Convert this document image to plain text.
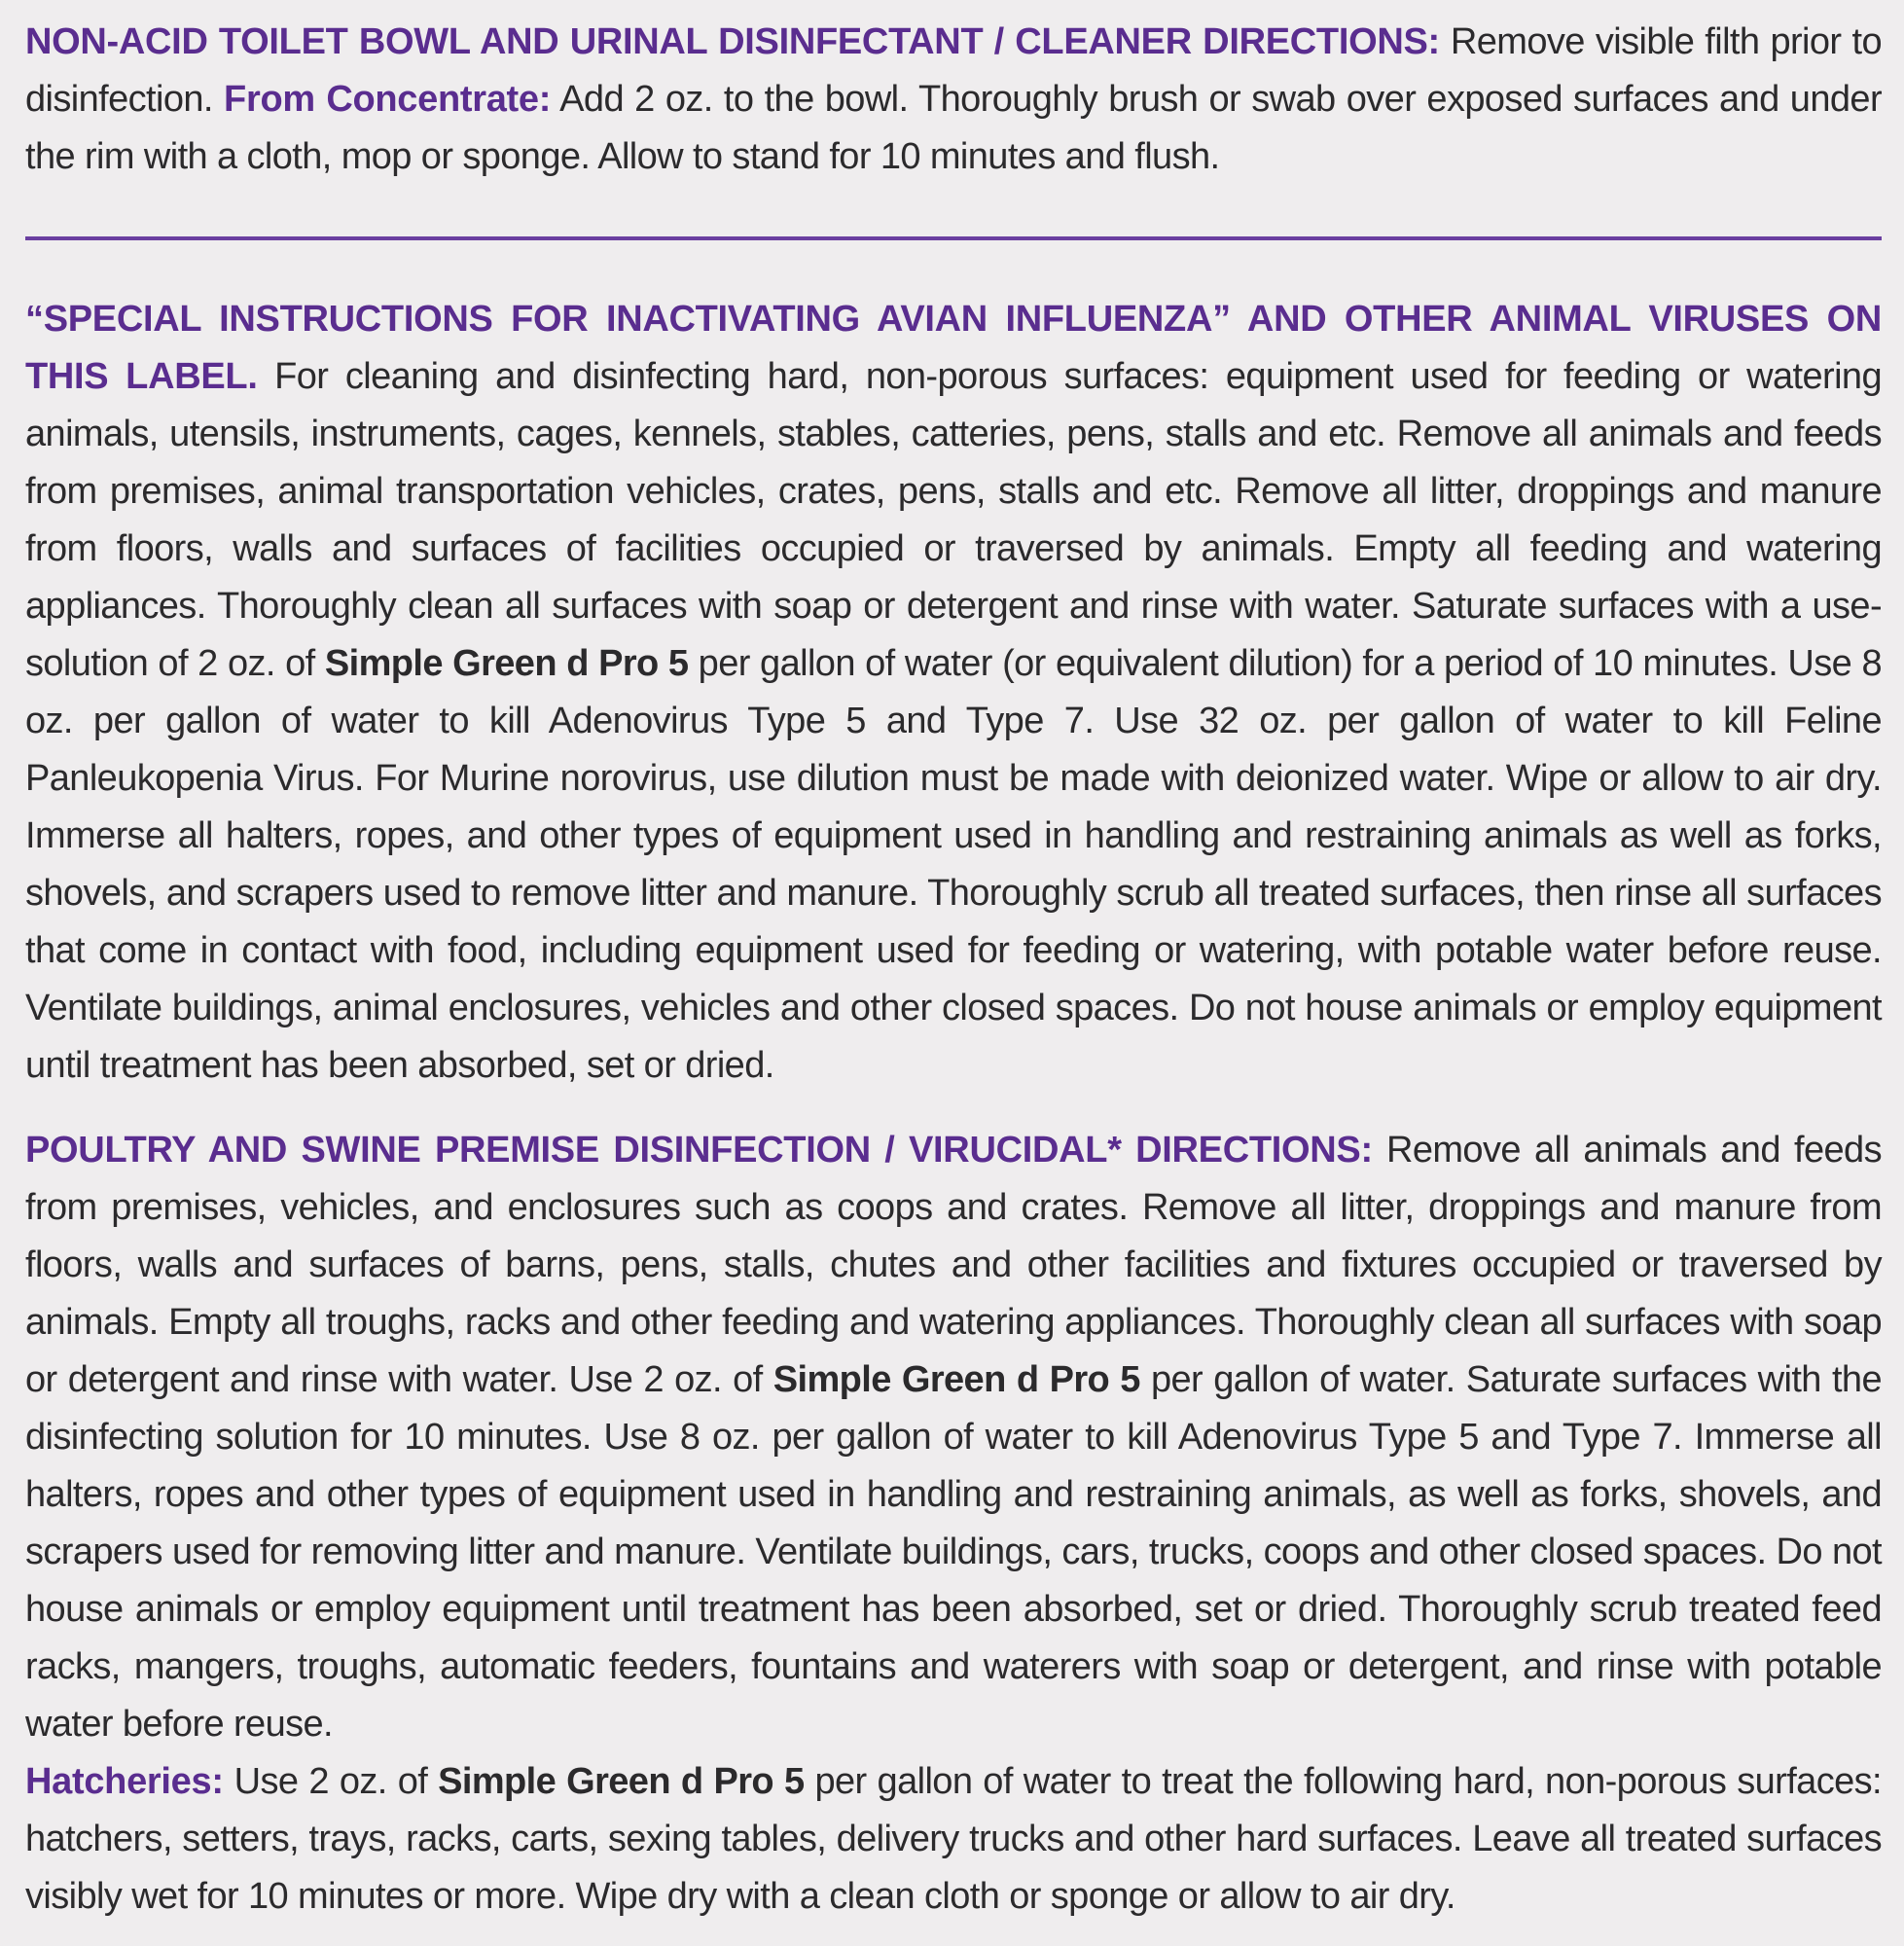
NON-ACID TOILET BOWL AND URINAL DISINFECTANT / CLEANER DIRECTIONS: Remove visible filth prior to disinfection. From Concentrate: Add 2 oz. to the bowl. Thoroughly brush or swab over exposed surfaces and under the rim with a cloth, mop or sponge. Allow to stand for 10 minutes and flush.

“SPECIAL INSTRUCTIONS FOR INACTIVATING AVIAN INFLUENZA” AND OTHER ANIMAL VIRUSES ON THIS LABEL. For cleaning and disinfecting hard, non-porous surfaces: equipment used for feeding or watering animals, utensils, instruments, cages, kennels, stables, catteries, pens, stalls and etc. Remove all animals and feeds from premises, animal transportation vehicles, crates, pens, stalls and etc. Remove all litter, droppings and manure from floors, walls and surfaces of facilities occupied or traversed by animals. Empty all feeding and watering appliances. Thoroughly clean all surfaces with soap or detergent and rinse with water. Saturate surfaces with a use-solution of 2 oz. of Simple Green d Pro 5 per gallon of water (or equivalent dilution) for a period of 10 minutes. Use 8 oz. per gallon of water to kill Adenovirus Type 5 and Type 7. Use 32 oz. per gallon of water to kill Feline Panleukopenia Virus. For Murine norovirus, use dilution must be made with deionized water. Wipe or allow to air dry. Immerse all halters, ropes, and other types of equipment used in handling and restraining animals as well as forks, shovels, and scrapers used to remove litter and manure. Thoroughly scrub all treated surfaces, then rinse all surfaces that come in contact with food, including equipment used for feeding or watering, with potable water before reuse. Ventilate buildings, animal enclosures, vehicles and other closed spaces. Do not house animals or employ equipment until treatment has been absorbed, set or dried.

POULTRY AND SWINE PREMISE DISINFECTION / VIRUCIDAL* DIRECTIONS: Remove all animals and feeds from premises, vehicles, and enclosures such as coops and crates. Remove all litter, droppings and manure from floors, walls and surfaces of barns, pens, stalls, chutes and other facilities and fixtures occupied or traversed by animals. Empty all troughs, racks and other feeding and watering appliances. Thoroughly clean all surfaces with soap or detergent and rinse with water. Use 2 oz. of Simple Green d Pro 5 per gallon of water. Saturate surfaces with the disinfecting solution for 10 minutes. Use 8 oz. per gallon of water to kill Adenovirus Type 5 and Type 7. Immerse all halters, ropes and other types of equipment used in handling and restraining animals, as well as forks, shovels, and scrapers used for removing litter and manure. Ventilate buildings, cars, trucks, coops and other closed spaces. Do not house animals or employ equipment until treatment has been absorbed, set or dried. Thoroughly scrub treated feed racks, mangers, troughs, automatic feeders, fountains and waterers with soap or detergent, and rinse with potable water before reuse.

Hatcheries: Use 2 oz. of Simple Green d Pro 5 per gallon of water to treat the following hard, non-porous surfaces: hatchers, setters, trays, racks, carts, sexing tables, delivery trucks and other hard surfaces. Leave all treated surfaces visibly wet for 10 minutes or more. Wipe dry with a clean cloth or sponge or allow to air dry.
